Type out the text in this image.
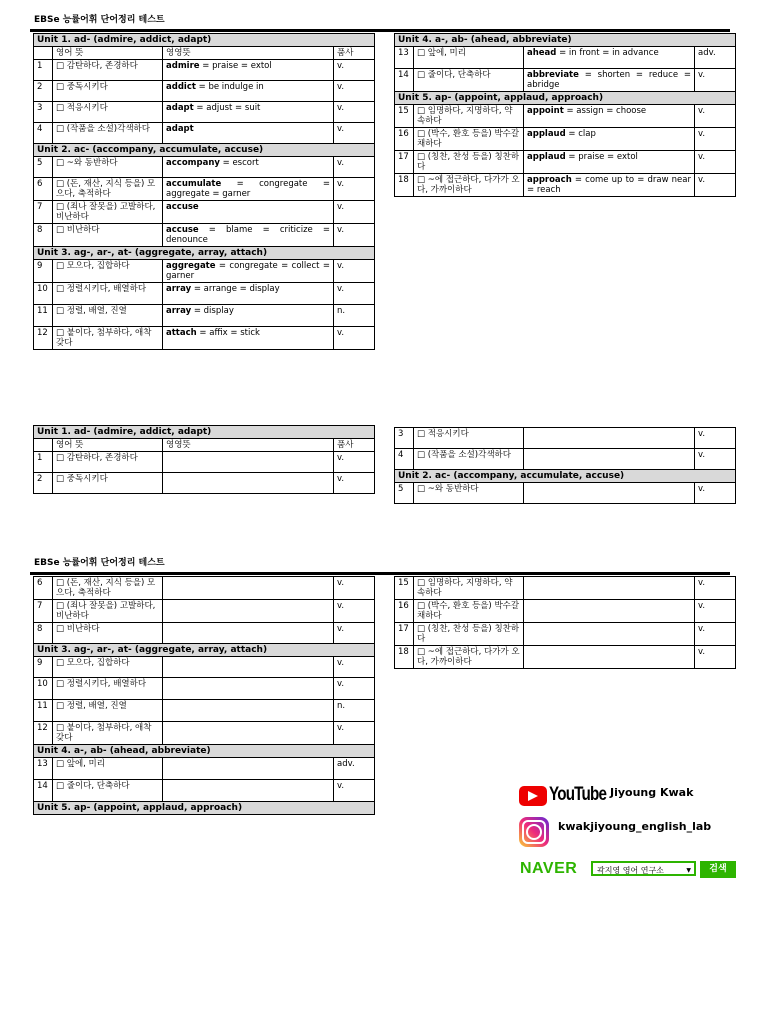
EBSe 능률어휘 단어정리 테스트
Unit 1. ad- (admire, addict, adapt)			
	영어 뜻	영영뜻	품사
1	□ 감탄하다, 존경하다	admire = praise = extol	v.
2	□ 중독시키다	addict = be indulge in	v.
3	□ 적응시키다	adapt = adjust = suit	v.
4	□ (작품을 소설)각색하다	adapt	v.
Unit 2. ac- (accompany, accumulate, accuse)			
5	□ ~와 동반하다	accompany = escort	v.
6	□ (돈, 재산, 지식 등을) 모으다, 축적하다	accumulate = congregate = aggregate = garner	v.
7	□ (죄나 잘못을) 고발하다, 비난하다	accuse	v.
8	□ 비난하다	accuse = blame = criticize = denounce	v.
Unit 3. ag-, ar-, at- (aggregate, array, attach)			
9	□ 모으다, 집합하다	aggregate = congregate = collect = garner	v.
10	□ 정렬시키다, 배열하다	array = arrange = display	v.
11	□ 정렬, 배열, 진열	array = display	n.
12	□ 붙이다, 첨부하다, 애착 갖다	attach = affix = stick	v.
Unit 4. a-, ab- (ahead, abbreviate)			
13	□ 앞에, 미리	ahead = in front = in advance	adv.
14	□ 줄이다, 단축하다	abbreviate = shorten = reduce = abridge	v.
Unit 5. ap- (appoint, applaud, approach)			
15	□ 임명하다, 지명하다, 약속하다	appoint = assign = choose	v.
16	□ (박수, 환호 등을) 박수갈채하다	applaud = clap	v.
17	□ (칭찬, 찬성 등을) 칭찬하다	applaud = praise = extol	v.
18	□ ~에 접근하다, 다가가 오다, 가까이하다	approach = come up to = draw near = reach	v.
Unit 1. ad- (admire, addict, adapt)			
	영어 뜻	영영뜻	품사
1	□ 감탄하다, 존경하다		v.
2	□ 중독시키다		v.
3	□ 적응시키다		v.
4	□ (작품을 소설)각색하다		v.
Unit 2. ac- (accompany, accumulate, accuse)			
5	□ ~와 동반하다		v.
EBSe 능률어휘 단어정리 테스트
6	□ (돈, 재산, 지식 등을) 모으다, 축적하다		v.
7	□ (죄나 잘못을) 고발하다, 비난하다		v.
8	□ 비난하다		v.
Unit 3. ag-, ar-, at- (aggregate, array, attach)			
9	□ 모으다, 집합하다		v.
10	□ 정렬시키다, 배열하다		v.
11	□ 정렬, 배열, 진열		n.
12	□ 붙이다, 첨부하다, 애착 갖다		v.
Unit 4. a-, ab- (ahead, abbreviate)			
13	□ 앞에, 미리		adv.
14	□ 줄이다, 단축하다		v.
Unit 5. ap- (appoint, applaud, approach)			
15	□ 임명하다, 지명하다, 약속하다		v.
16	□ (박수, 환호 등을) 박수갈채하다		v.
17	□ (칭찬, 찬성 등을) 칭찬하다		v.
18	□ ~에 접근하다, 다가가 오다, 가까이하다		v.
YouTube Jiyoung Kwak
kwakjiyoung_english_lab
NAVER	곽지영 영어 연구소	▼	검색
